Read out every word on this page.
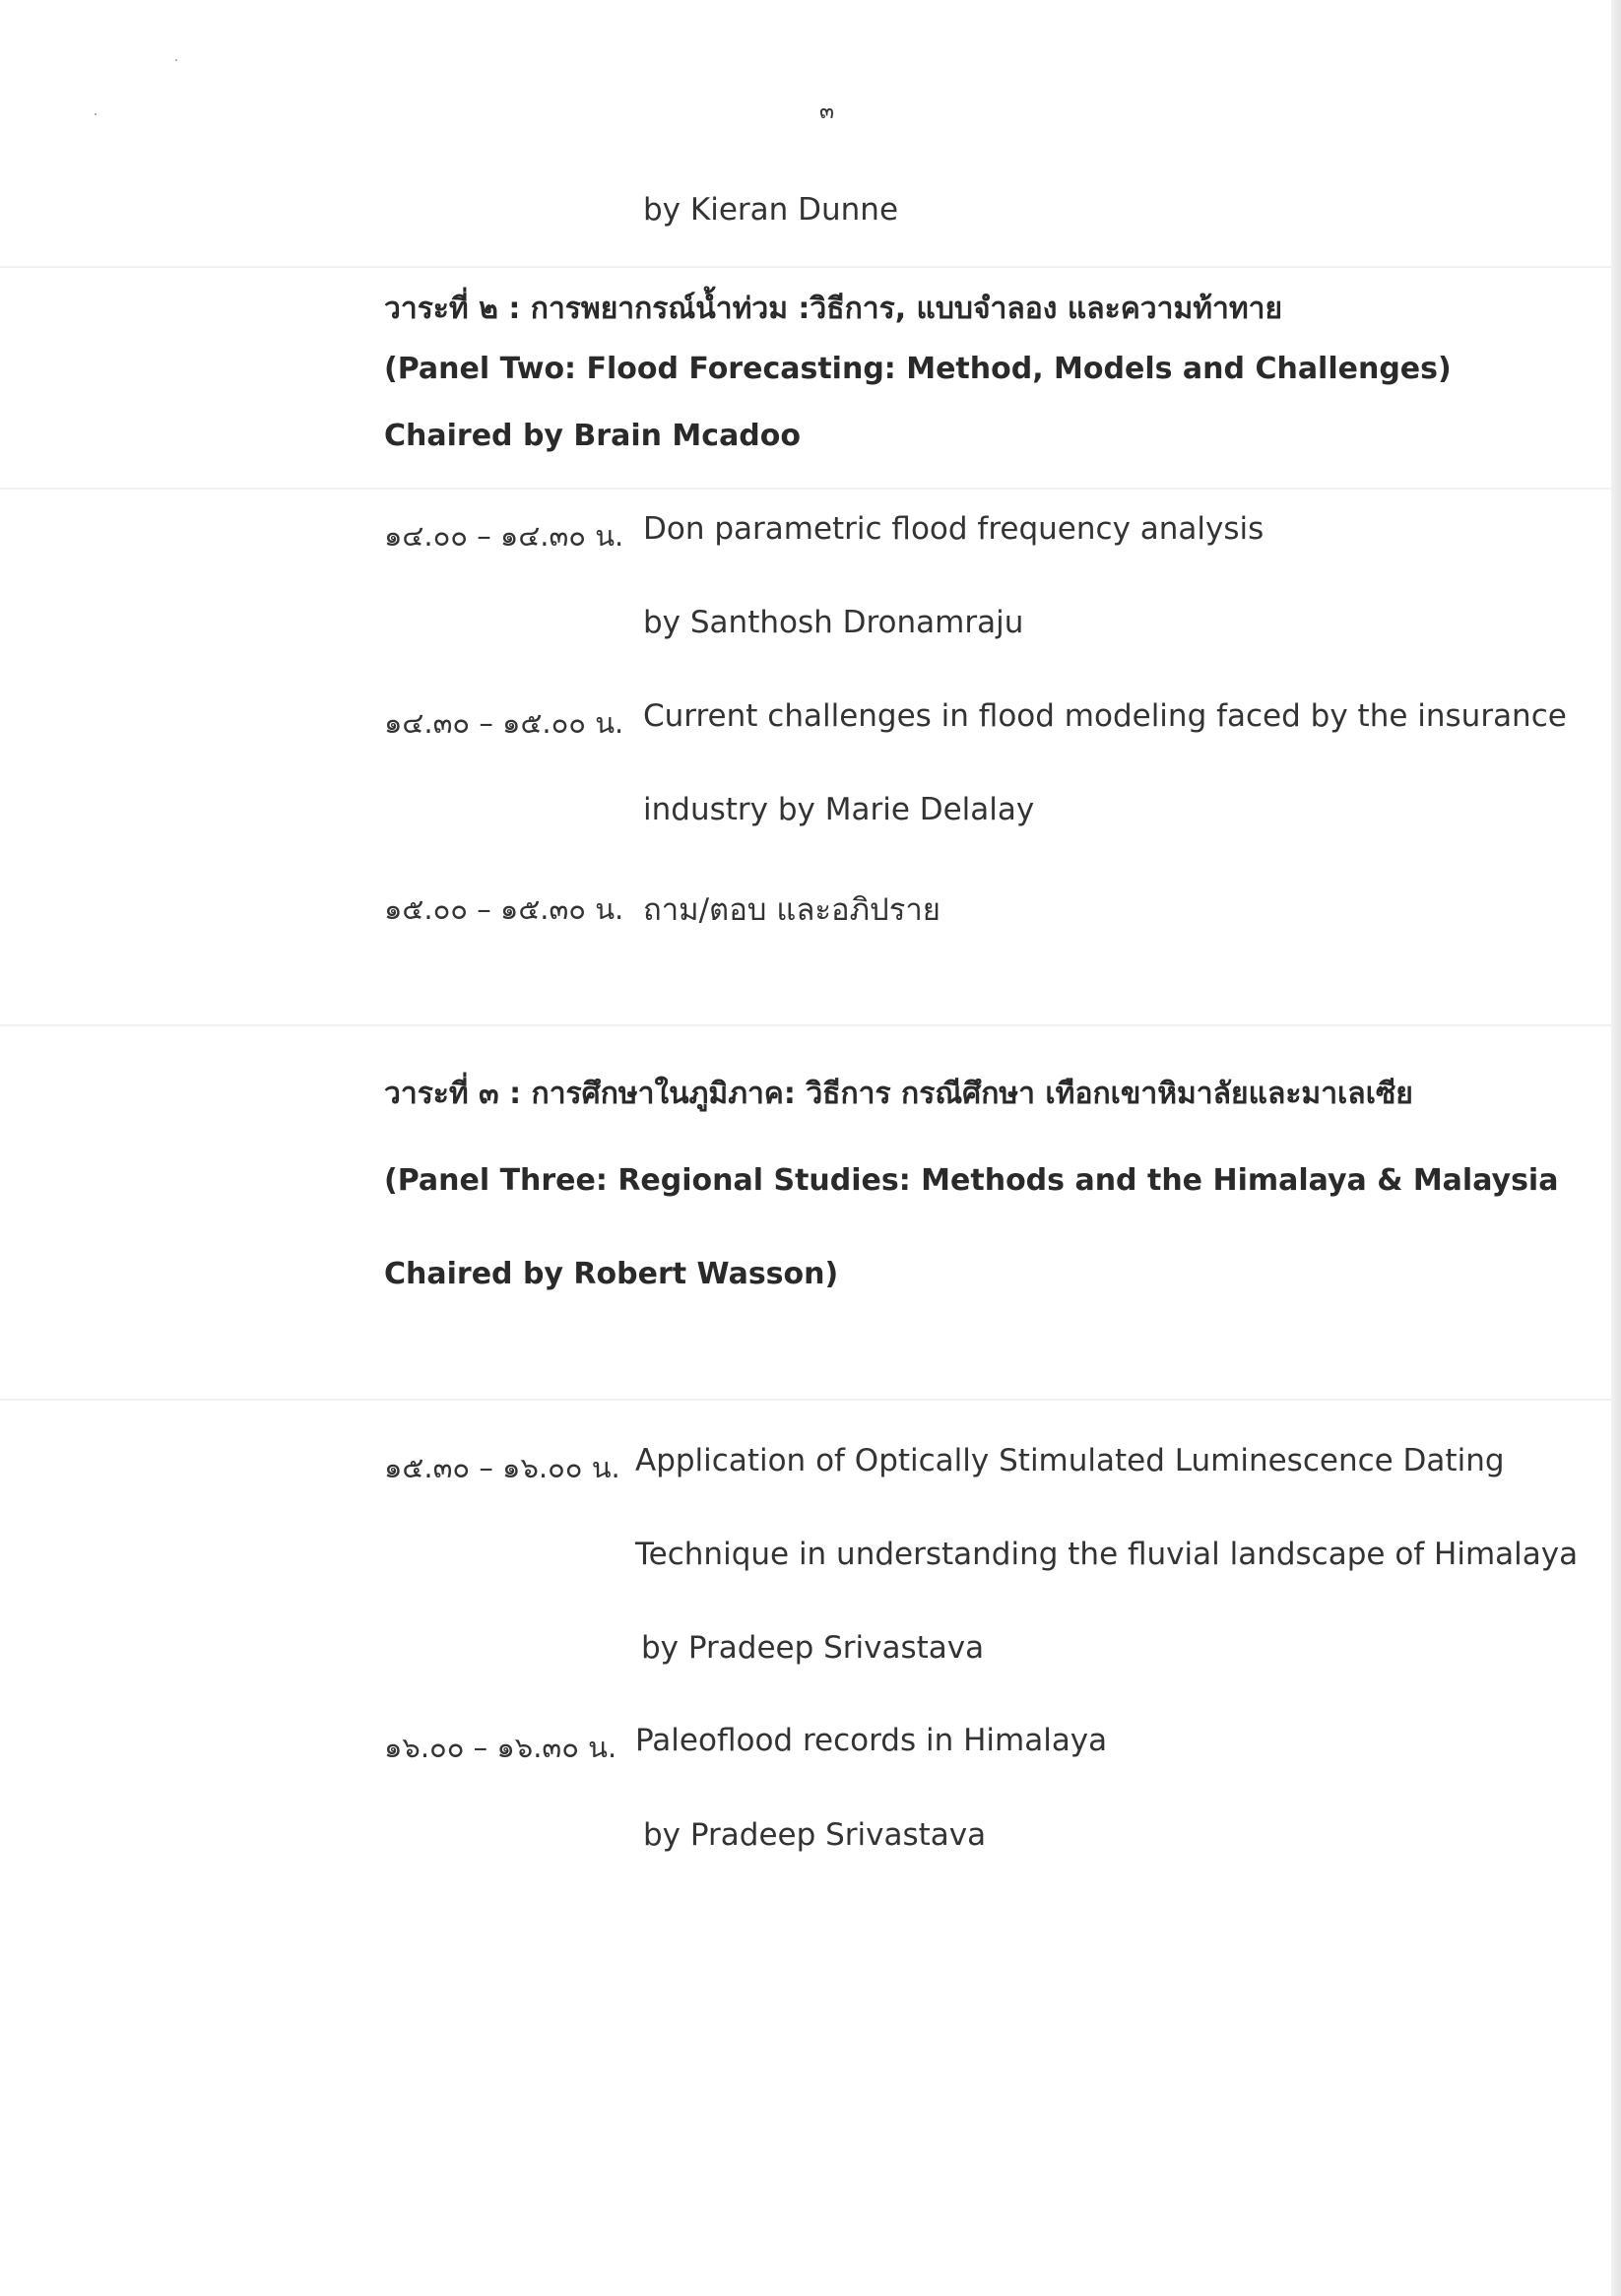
๓
by Kieran Dunne
วาระที่ ๒ : การพยากรณ์น้ำท่วม :วิธีการ, แบบจำลอง และความท้าทาย
(Panel Two: Flood Forecasting: Method, Models and Challenges)
Chaired by Brain Mcadoo
๑๔.๐๐ – ๑๔.๓๐ น. Don parametric flood frequency analysis
by Santhosh Dronamraju
๑๔.๓๐ – ๑๕.๐๐ น. Current challenges in flood modeling faced by the insurance
industry by Marie Delalay
๑๕.๐๐ – ๑๕.๓๐ น. ถาม/ตอบ และอภิปราย
วาระที่ ๓ : การศึกษาในภูมิภาค: วิธีการ กรณีศึกษา เทือกเขาหิมาลัยและมาเลเซีย
(Panel Three: Regional Studies: Methods and the Himalaya & Malaysia
Chaired by Robert Wasson)
๑๕.๓๐ – ๑๖.๐๐ น. Application of Optically Stimulated Luminescence Dating
Technique in understanding the fluvial landscape of Himalaya
by Pradeep Srivastava
๑๖.๐๐ – ๑๖.๓๐ น. Paleoflood records in Himalaya
by Pradeep Srivastava
